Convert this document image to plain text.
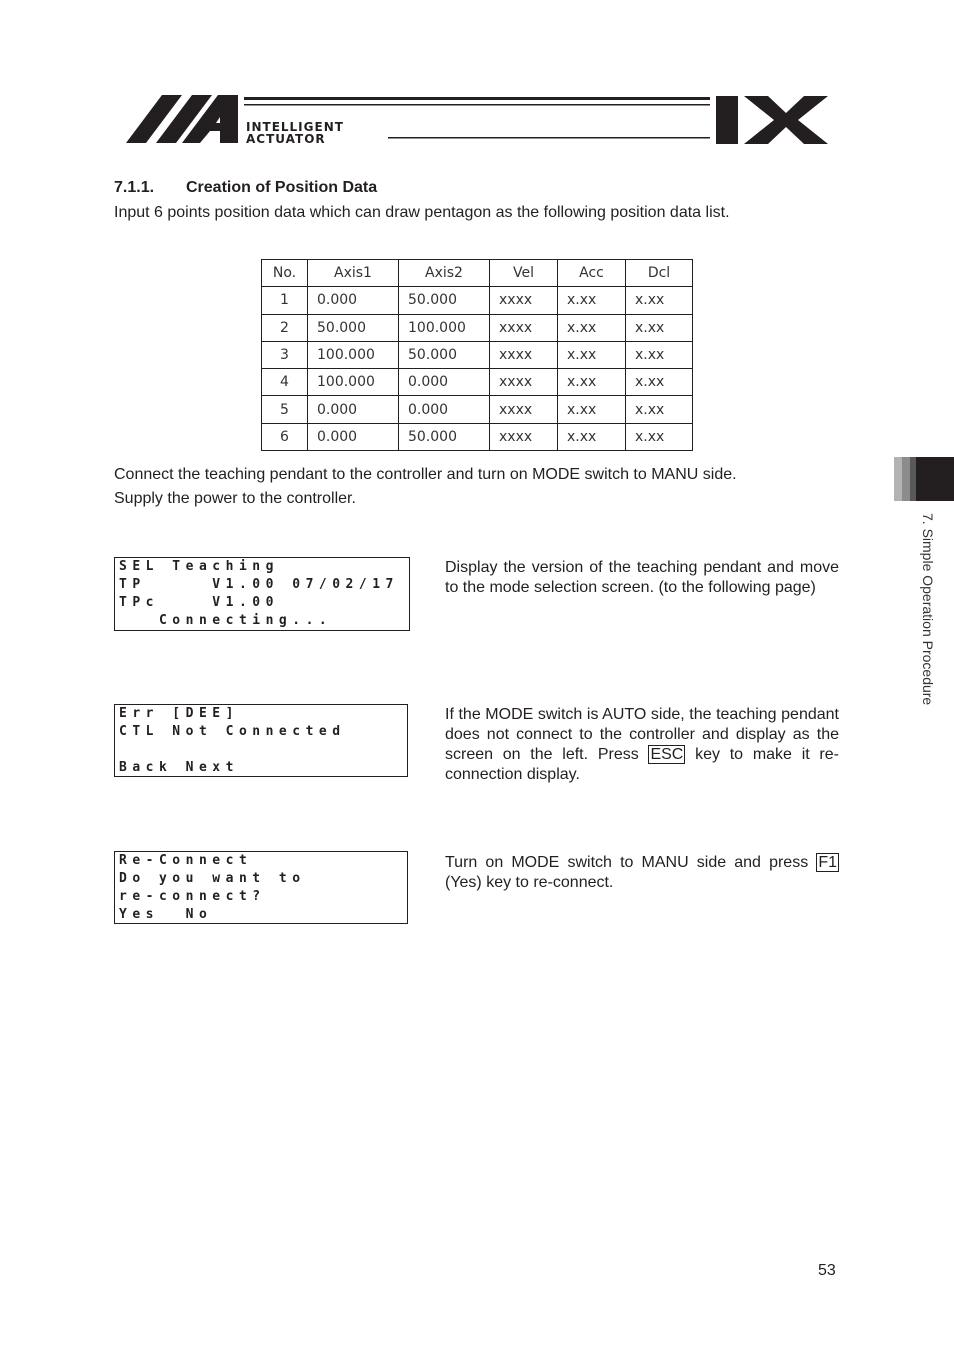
INTELLIGENT
ACTUATOR
7.1.1. Creation of Position Data
Input 6 points position data which can draw pentagon as the following position data list.
No.	Axis1	Axis2	Vel	Acc	Dcl
1	0.000	50.000	xxxx	x.xx	x.xx
2	50.000	100.000	xxxx	x.xx	x.xx
3	100.000	50.000	xxxx	x.xx	x.xx
4	100.000	0.000	xxxx	x.xx	x.xx
5	0.000	0.000	xxxx	x.xx	x.xx
6	0.000	50.000	xxxx	x.xx	x.xx
Connect the teaching pendant to the controller and turn on MODE switch to MANU side.
Supply the power to the controller.
SEL Teaching
TP     V1.00 07/02/17
TPc    V1.00
Connecting...
Display the version of the teaching pendant and move to the mode selection screen. (to the following page)
Err [DEE]
CTL Not Connected
Back Next
If the MODE switch is AUTO side, the teaching pendant does not connect to the controller and display as the screen on the left. Press ESC key to make it re-connection display.
Re-Connect
Do you want to
re-connect?
Yes  No
Turn on MODE switch to MANU side and press F1 (Yes) key to re-connect.
7. Simple Operation Procedure
53
